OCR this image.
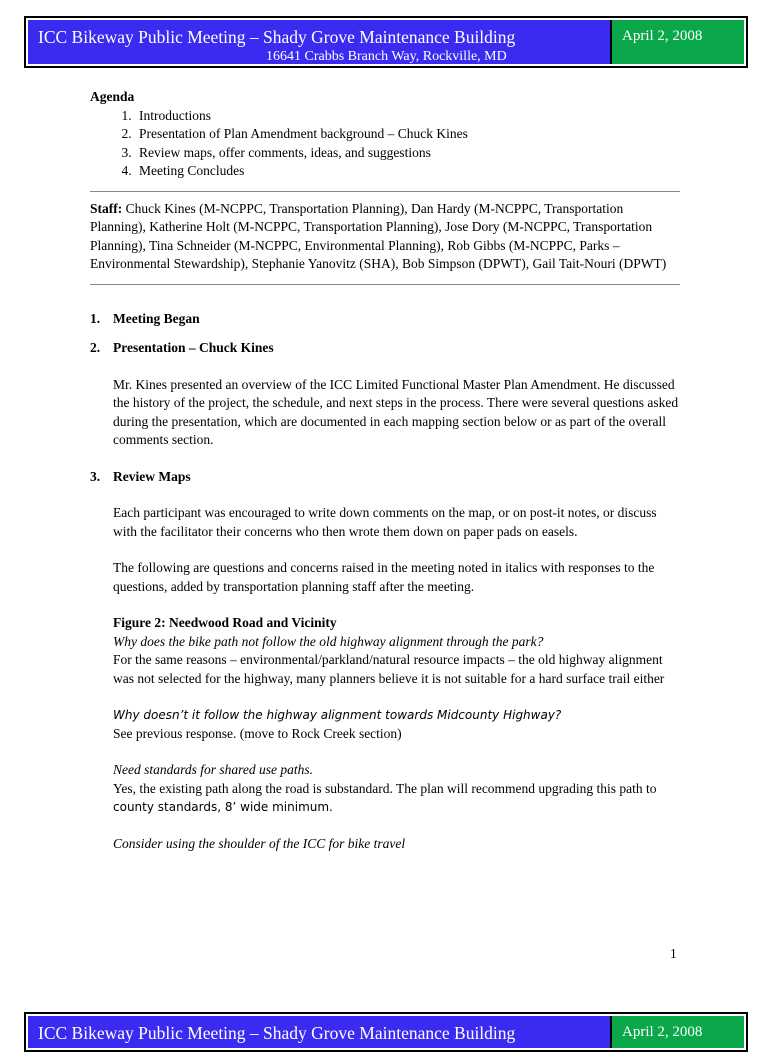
ICC Bikeway Public Meeting – Shady Grove Maintenance Building
16641 Crabbs Branch Way, Rockville, MD
April 2, 2008
Agenda
1. Introductions
2. Presentation of Plan Amendment background – Chuck Kines
3. Review maps, offer comments, ideas, and suggestions
4. Meeting Concludes

Staff: Chuck Kines (M-NCPPC, Transportation Planning), Dan Hardy (M-NCPPC, Transportation Planning), Katherine Holt (M-NCPPC, Transportation Planning), Jose Dory (M-NCPPC, Transportation Planning), Tina Schneider (M-NCPPC, Environmental Planning), Rob Gibbs (M-NCPPC, Parks – Environmental Stewardship), Stephanie Yanovitz (SHA), Bob Simpson (DPWT), Gail Tait-Nouri (DPWT)

1. Meeting Began
2. Presentation – Chuck Kines

Mr. Kines presented an overview of the ICC Limited Functional Master Plan Amendment. He discussed the history of the project, the schedule, and next steps in the process. There were several questions asked during the presentation, which are documented in each mapping section below or as part of the overall comments section.

3. Review Maps

Each participant was encouraged to write down comments on the map, or on post-it notes, or discuss with the facilitator their concerns who then wrote them down on paper pads on easels.

The following are questions and concerns raised in the meeting noted in italics with responses to the questions, added by transportation planning staff after the meeting.

Figure 2: Needwood Road and Vicinity

Why does the bike path not follow the old highway alignment through the park?

For the same reasons – environmental/parkland/natural resource impacts – the old highway alignment was not selected for the highway, many planners believe it is not suitable for a hard surface trail either

Why doesn’t it follow the highway alignment towards Midcounty Highway?

See previous response. (move to Rock Creek section)

Need standards for shared use paths.

Yes, the existing path along the road is substandard. The plan will recommend upgrading this path to

county standards, 8’ wide minimum.

Consider using the shoulder of the ICC for bike travel

1
ICC Bikeway Public Meeting – Shady Grove Maintenance Building	April 2, 2008
